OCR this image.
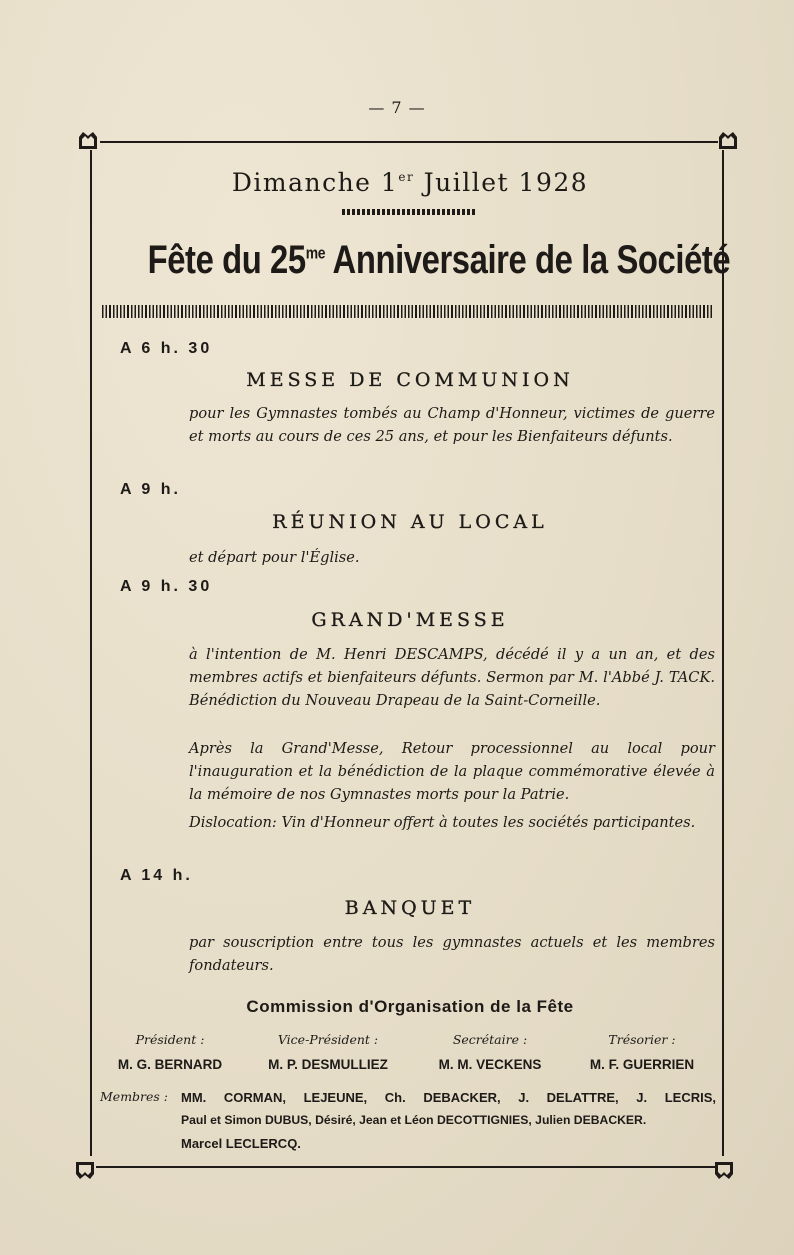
— 7 —
Dimanche 1er Juillet 1928
Fête du $25^{me}$ Anniversaire de la Société
A 6 h. 30
MESSE DE COMMUNION
pour les Gymnastes tombés au Champ d'Honneur, victimes de guerre et morts au cours de ces 25 ans, et pour les Bienfaiteurs défunts.
A 9 h.
RÉUNION AU LOCAL
et départ pour l'Église.
A 9 h. 30
GRAND'MESSE
à l'intention de M. Henri DESCAMPS, décédé il y a un an, et des membres actifs et bienfaiteurs défunts. Sermon par M. l'Abbé J. TACK. Bénédiction du Nouveau Drapeau de la Saint-Corneille.
Après la Grand'Messe, Retour processionnel au local pour l'inauguration et la bénédiction de la plaque commémorative élevée à la mémoire de nos Gymnastes morts pour la Patrie.
Dislocation: Vin d'Honneur offert à toutes les sociétés participantes.
A 14 h.
BANQUET
par souscription entre tous les gymnastes actuels et les membres fondateurs.
Commission d'Organisation de la Fête
Président :	Vice-Président :	Secrétaire :	Trésorier :
M. G. BERNARD	M. P. DESMULLIEZ	M. M. VECKENS	M. F. GUERRIEN
Membres : MM. CORMAN, LEJEUNE, Ch. DEBACKER, J. DELATTRE, J. LECRIS,
Paul et Simon DUBUS, Désiré, Jean et Léon DECOTTIGNIES, Julien DEBACKER.
Marcel LECLERCQ.
